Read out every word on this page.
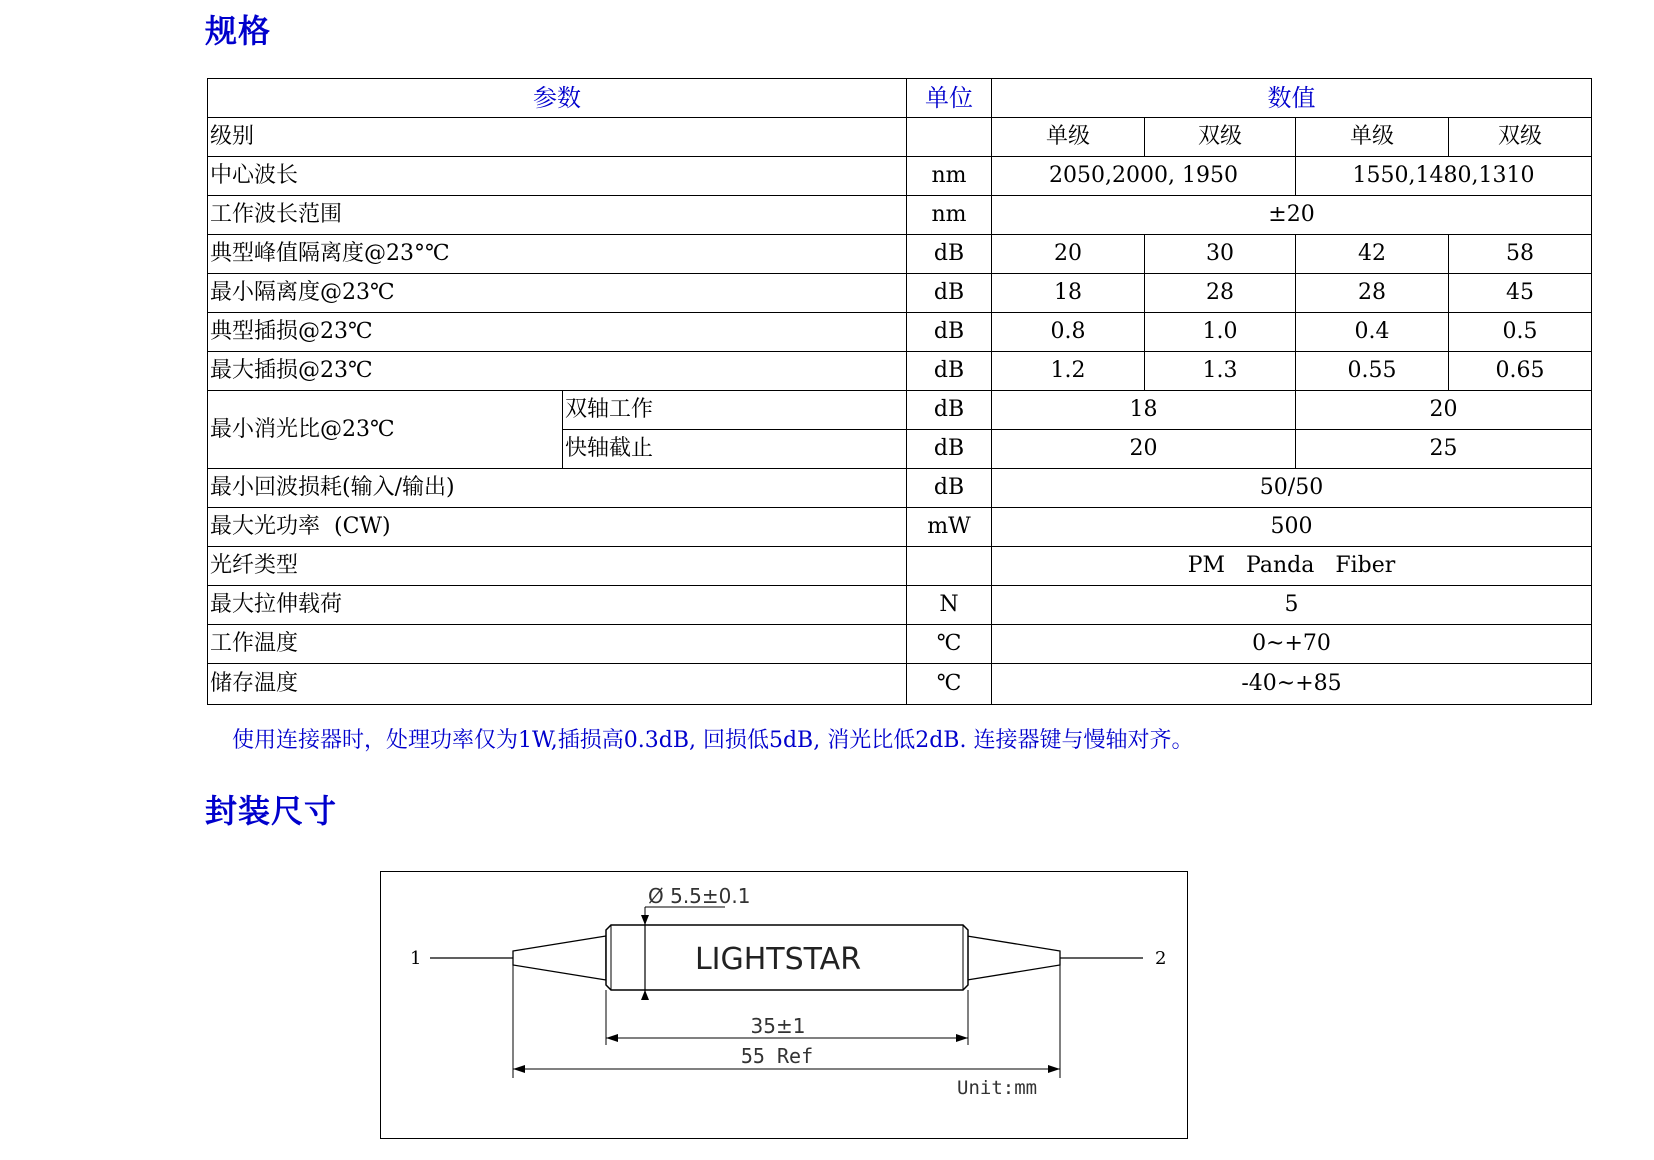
规格
参数		单位	数值			
级别			单级	双级	单级	双级
中心波长		nm	2050,2000, 1950		1550,1480,1310	
工作波长范围		nm	±20			
典型峰值隔离度@23°℃		dB	20	30	42	58
最小隔离度@23℃		dB	18	28	28	45
典型插损@23℃		dB	0.8	1.0	0.4	0.5
最大插损@23℃		dB	1.2	1.3	0.55	0.65
最小消光比@23℃	双轴工作	dB	18		20	
	快轴截止	dB	20		25	
最小回波损耗(输入/输出)		dB	50/50			
最大光功率  (CW)		mW	500			
光纤类型			PM   Panda   Fiber			
最大拉伸载荷		N	5			
工作温度		℃	0~+70			
储存温度		℃	-40~+85			

使用连接器时，处理功率仅为1W,插损高0.3dB, 回损低5dB, 消光比低2dB. 连接器键与慢轴对齐。

封装尺寸
Ø 5.5±0.1
LIGHTSTAR
35±1
55 Ref
1	2
Unit:mm
